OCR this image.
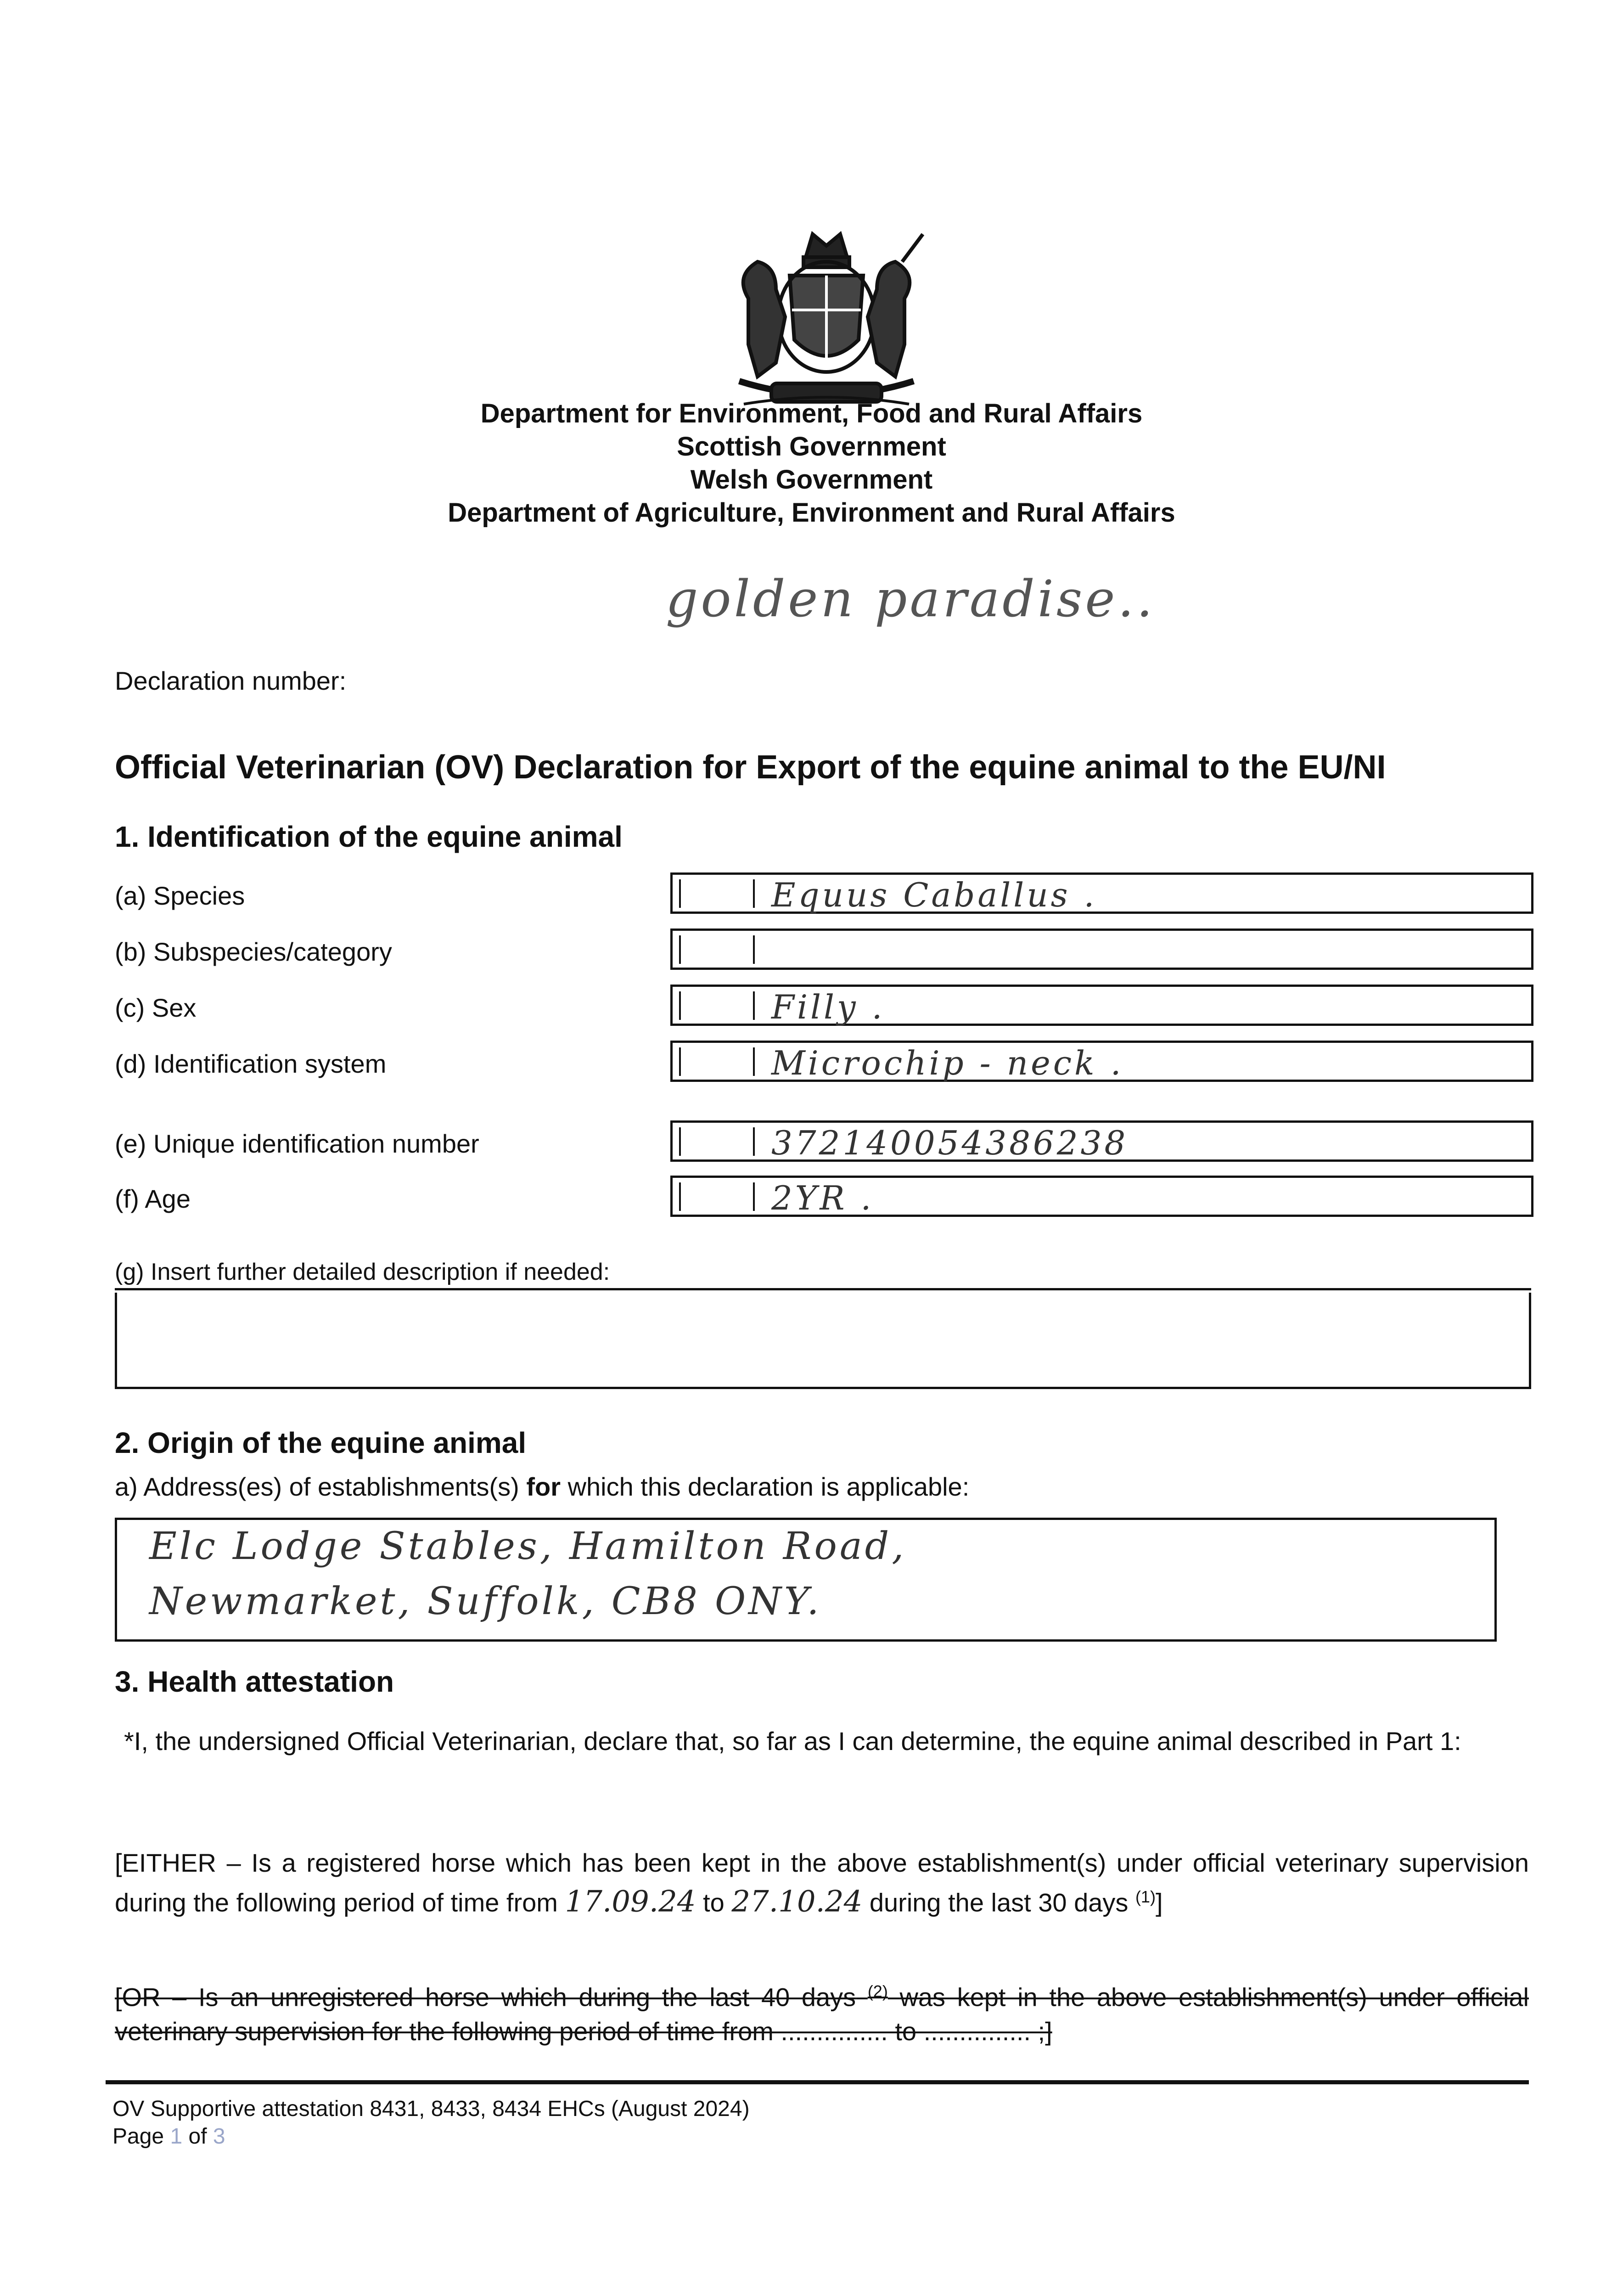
Department for Environment, Food and Rural Affairs
Scottish Government
Welsh Government
Department of Agriculture, Environment and Rural Affairs
golden paradise..
Declaration number:
Official Veterinarian (OV) Declaration for Export of the equine animal to the EU/NI
1. Identification of the equine animal
(a) Species	Equus Caballus .
(b) Subspecies/category
(c) Sex	Filly .
(d) Identification system	Microchip - neck .
(e) Unique identification number	372140054386238
(f) Age	2YR .
(g) Insert further detailed description if needed:
2. Origin of the equine animal
a) Address(es) of establishments(s) for which this declaration is applicable:
Elc Lodge Stables, Hamilton Road,
Newmarket, Suffolk, CB8 ONY.
3. Health attestation
*I, the undersigned Official Veterinarian, declare that, so far as I can determine, the equine animal described in Part 1:
[EITHER – Is a registered horse which has been kept in the above establishment(s) under official veterinary supervision during the following period of time from 17.09.24 to 27.10.24 during the last 30 days $^{(1)}$]
[OR – Is an unregistered horse which during the last 40 days $^{(2)}$ was kept in the above establishment(s) under official veterinary supervision for the following period of time from ............... to ............... ;]
OV Supportive attestation 8431, 8433, 8434 EHCs (August 2024)
Page 1 of 3
